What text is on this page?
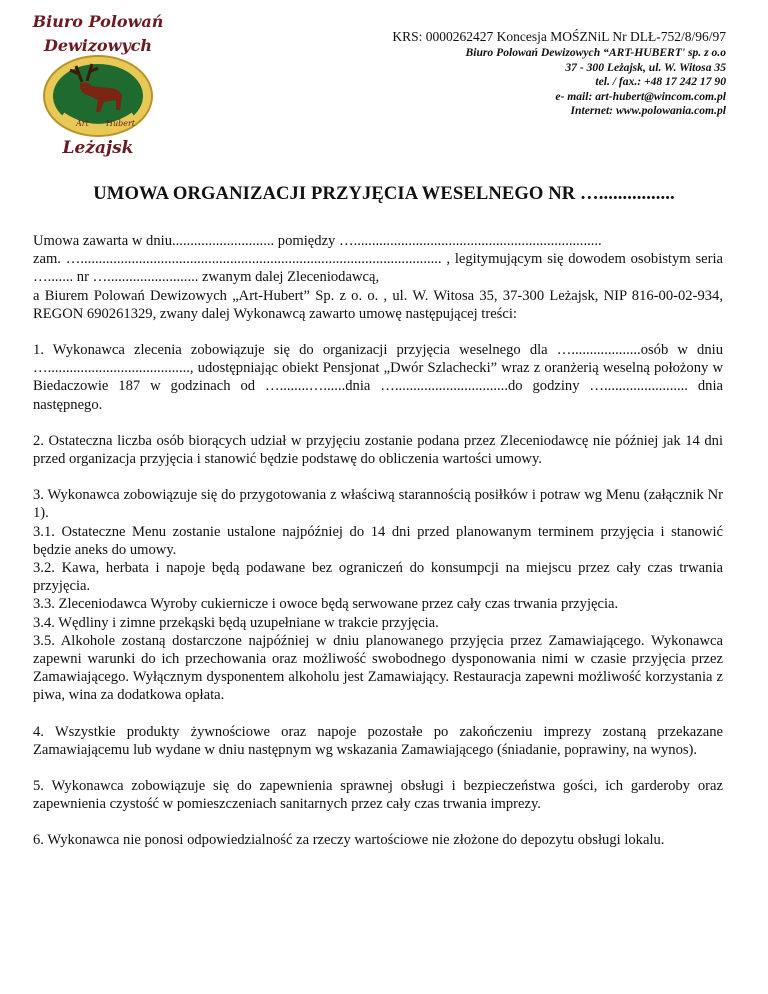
Biuro Polowań
Dewizowych
Art Hubert
Leżajsk
KRS: 0000262427 Koncesja MOŚZNiL Nr DLŁ-752/8/96/97
Biuro Polowań Dewizowych “ART-HUBERT' sp. z o.o
37 - 300 Leżajsk, ul. W. Witosa 35
tel. / fax.: +48 17 242 17 90
e- mail: art-hubert@wincom.com.pl
Internet: www.polowania.com.pl
UMOWA ORGANIZACJI PRZYJĘCIA WESELNEGO NR …................

Umowa zawarta w dniu............................ pomiędzy …....................................................................

zam. …................................................................................................... , legitymującym się dowodem osobistym seria …....... nr …......................... zwanym dalej Zleceniodawcą,

a Biurem Polowań Dewizowych „Art-Hubert” Sp. z o. o. , ul. W. Witosa 35, 37-300 Leżajsk, NIP 816-00-02-934, REGON 690261329, zwany dalej Wykonawcą zawarto umowę następującej treści:

1. Wykonawca zlecenia zobowiązuje się do organizacji przyjęcia weselnego dla …...................osób w dniu …......................................., udostępniając obiekt Pensjonat „Dwór Szlachecki” wraz z oranżerią weselną położony w Biedaczowie 187 w godzinach od …........…......dnia …...............................do godziny …....................... dnia następnego.

2. Ostateczna liczba osób biorących udział w przyjęciu zostanie podana przez Zleceniodawcę nie później jak 14 dni przed organizacja przyjęcia i stanowić będzie podstawę do obliczenia wartości umowy.

3. Wykonawca zobowiązuje się do przygotowania z właściwą starannością posiłków i potraw wg Menu (załącznik Nr 1).

3.1. Ostateczne Menu zostanie ustalone najpóźniej do 14 dni przed planowanym terminem przyjęcia i stanowić będzie aneks do umowy.

3.2. Kawa, herbata i napoje będą podawane bez ograniczeń do konsumpcji na miejscu przez cały czas trwania przyjęcia.

3.3. Zleceniodawca Wyroby cukiernicze i owoce będą serwowane przez cały czas trwania przyjęcia.

3.4. Wędliny i zimne przekąski będą uzupełniane w trakcie przyjęcia.

3.5. Alkohole zostaną dostarczone najpóźniej w dniu planowanego przyjęcia przez Zamawiającego. Wykonawca zapewni warunki do ich przechowania oraz możliwość swobodnego dysponowania nimi w czasie przyjęcia przez Zamawiającego. Wyłącznym dysponentem alkoholu jest Zamawiający. Restauracja zapewni możliwość korzystania z piwa, wina za dodatkowa opłata.

4. Wszystkie produkty żywnościowe oraz napoje pozostałe po zakończeniu imprezy zostaną przekazane Zamawiającemu lub wydane w dniu następnym wg wskazania Zamawiającego (śniadanie, poprawiny, na wynos).

5. Wykonawca zobowiązuje się do zapewnienia sprawnej obsługi i bezpieczeństwa gości, ich garderoby oraz zapewnienia czystość w pomieszczeniach sanitarnych przez cały czas trwania imprezy.

6. Wykonawca nie ponosi odpowiedzialność za rzeczy wartościowe nie złożone do depozytu obsługi lokalu.
